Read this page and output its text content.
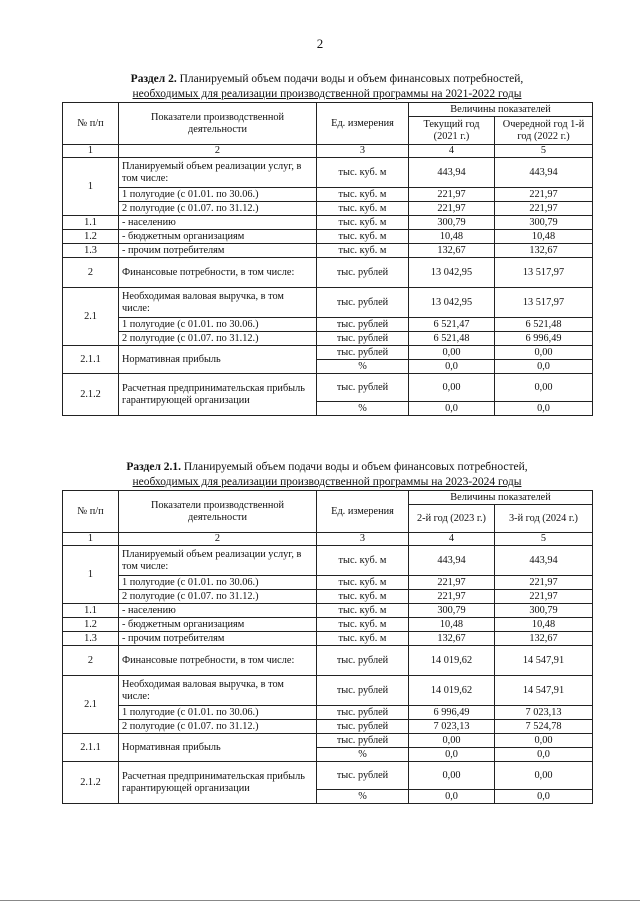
2
Раздел 2. Планируемый объем подачи воды и объем финансовых потребностей,
необходимых для реализации производственной программы на 2021-2022 годы
№ п/п	Показатели производственной деятельности	Ед. измерения	Величины показателей	
			Текущий год (2021 г.)	Очередной год 1-й год (2022 г.)
1	2	3	4	5
1	Планируемый объем реализации услуг, в том числе:	тыс. куб. м	443,94	443,94
	1 полугодие (с 01.01. по 30.06.)	тыс. куб. м	221,97	221,97
	2 полугодие (с 01.07. по 31.12.)	тыс. куб. м	221,97	221,97
1.1	- населению	тыс. куб. м	300,79	300,79
1.2	- бюджетным организациям	тыс. куб. м	10,48	10,48
1.3	- прочим потребителям	тыс. куб. м	132,67	132,67
2	Финансовые потребности, в том числе:	тыс. рублей	13 042,95	13 517,97
2.1	Необходимая валовая выручка, в том числе:	тыс. рублей	13 042,95	13 517,97
	1 полугодие (с 01.01. по 30.06.)	тыс. рублей	6 521,47	6 521,48
	2 полугодие (с 01.07. по 31.12.)	тыс. рублей	6 521,48	6 996,49
2.1.1	Нормативная прибыль	тыс. рублей	0,00	0,00
		%	0,0	0,0
2.1.2	Расчетная предпринимательская прибыль гарантирующей организации	тыс. рублей	0,00	0,00
		%	0,0	0,0
Раздел 2.1. Планируемый объем подачи воды и объем финансовых потребностей,
необходимых для реализации производственной программы на 2023-2024 годы
№ п/п	Показатели производственной деятельности	Ед. измерения	Величины показателей	
			2-й год (2023 г.)	3-й год (2024 г.)
1	2	3	4	5
1	Планируемый объем реализации услуг, в том числе:	тыс. куб. м	443,94	443,94
	1 полугодие (с 01.01. по 30.06.)	тыс. куб. м	221,97	221,97
	2 полугодие (с 01.07. по 31.12.)	тыс. куб. м	221,97	221,97
1.1	- населению	тыс. куб. м	300,79	300,79
1.2	- бюджетным организациям	тыс. куб. м	10,48	10,48
1.3	- прочим потребителям	тыс. куб. м	132,67	132,67
2	Финансовые потребности, в том числе:	тыс. рублей	14 019,62	14 547,91
2.1	Необходимая валовая выручка, в том числе:	тыс. рублей	14 019,62	14 547,91
	1 полугодие (с 01.01. по 30.06.)	тыс. рублей	6 996,49	7 023,13
	2 полугодие (с 01.07. по 31.12.)	тыс. рублей	7 023,13	7 524,78
2.1.1	Нормативная прибыль	тыс. рублей	0,00	0,00
		%	0,0	0,0
2.1.2	Расчетная предпринимательская прибыль гарантирующей организации	тыс. рублей	0,00	0,00
		%	0,0	0,0
